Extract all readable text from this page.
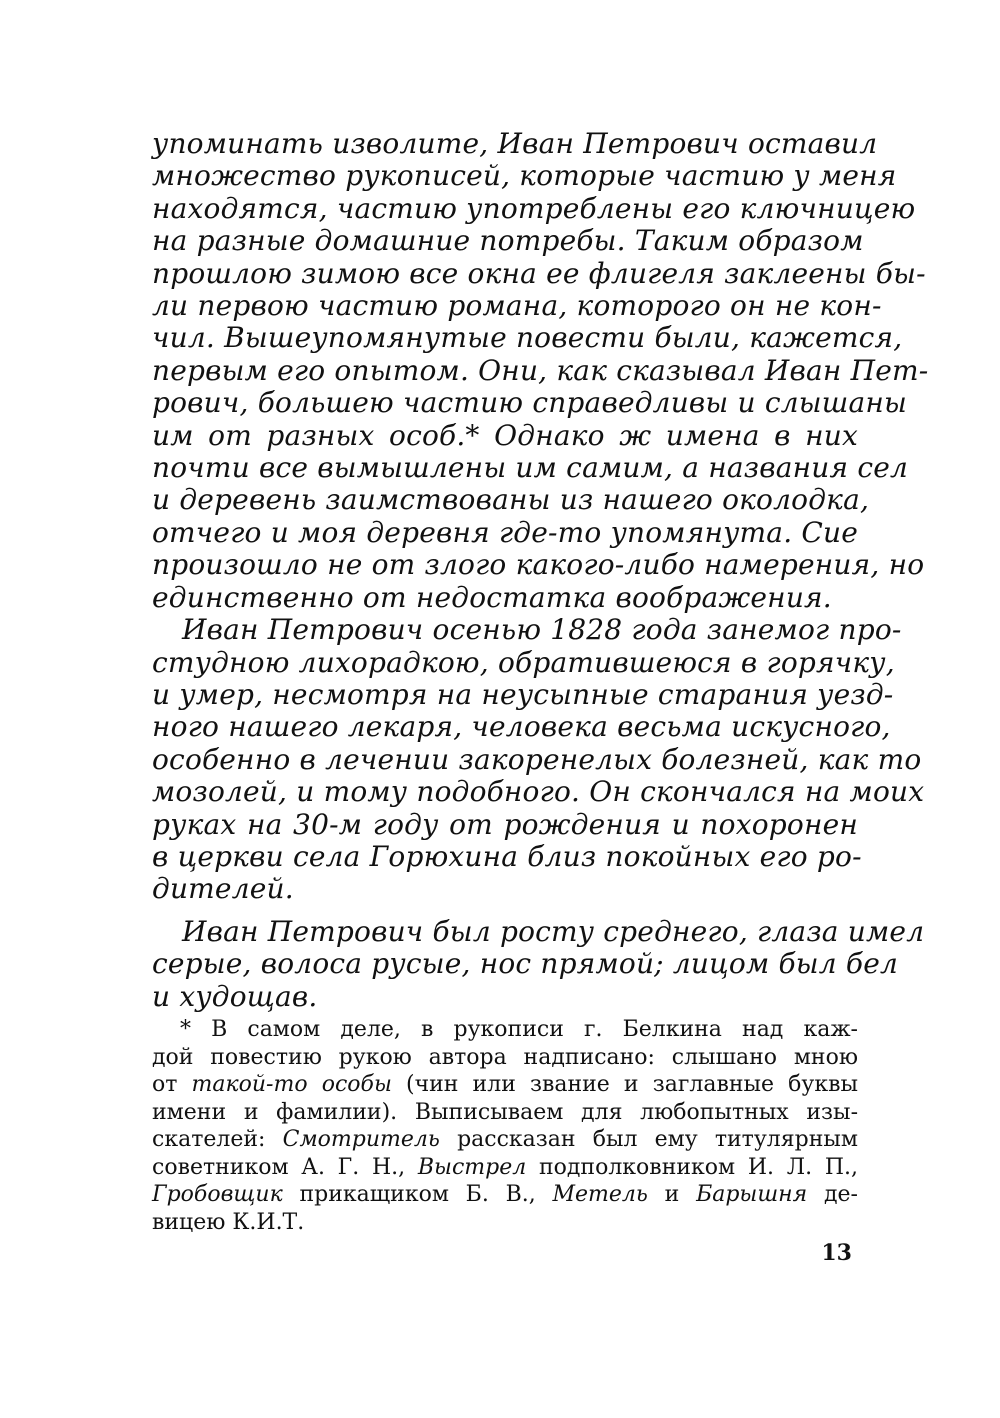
упоминать изволите, Иван Петрович оставил
множество рукописей, которые частию у меня
находятся, частию употреблены его ключницею
на разные домашние потребы. Таким образом
прошлою зимою все окна ее флигеля заклеены бы-
ли первою частию романа, которого он не кон-
чил. Вышеупомянутые повести были, кажется,
первым его опытом. Они, как сказывал Иван Пет-
рович, большею частию справедливы и слышаны
им от разных особ.* Однако ж имена в них
почти все вымышлены им самим, а названия сел
и деревень заимствованы из нашего околодка,
отчего и моя деревня где-то упомянута. Сие
произошло не от злого какого-либо намерения, но
единственно от недостатка воображения.
Иван Петрович осенью 1828 года занемог про-
студною лихорадкою, обратившеюся в горячку,
и умер, несмотря на неусыпные старания уезд-
ного нашего лекаря, человека весьма искусного,
особенно в лечении закоренелых болезней, как то
мозолей, и тому подобного. Он скончался на моих
руках на 30-м году от рождения и похоронен
в церкви села Горюхина близ покойных его ро-
дителей.
Иван Петрович был росту среднего, глаза имел
серые, волоса русые, нос прямой; лицом был бел
и худощав.
* В самом деле, в рукописи г. Белкина над каж-
дой повестию рукою автора надписано: слышано мною
от такой-то особы (чин или звание и заглавные буквы
имени и фамилии). Выписываем для любопытных изы-
скателей: Смотритель рассказан был ему титулярным
советником А. Г. Н., Выстрел подполковником И. Л. П.,
Гробовщик прикащиком Б. В., Метель и Барышня де-
вицею К.И.Т.
13
